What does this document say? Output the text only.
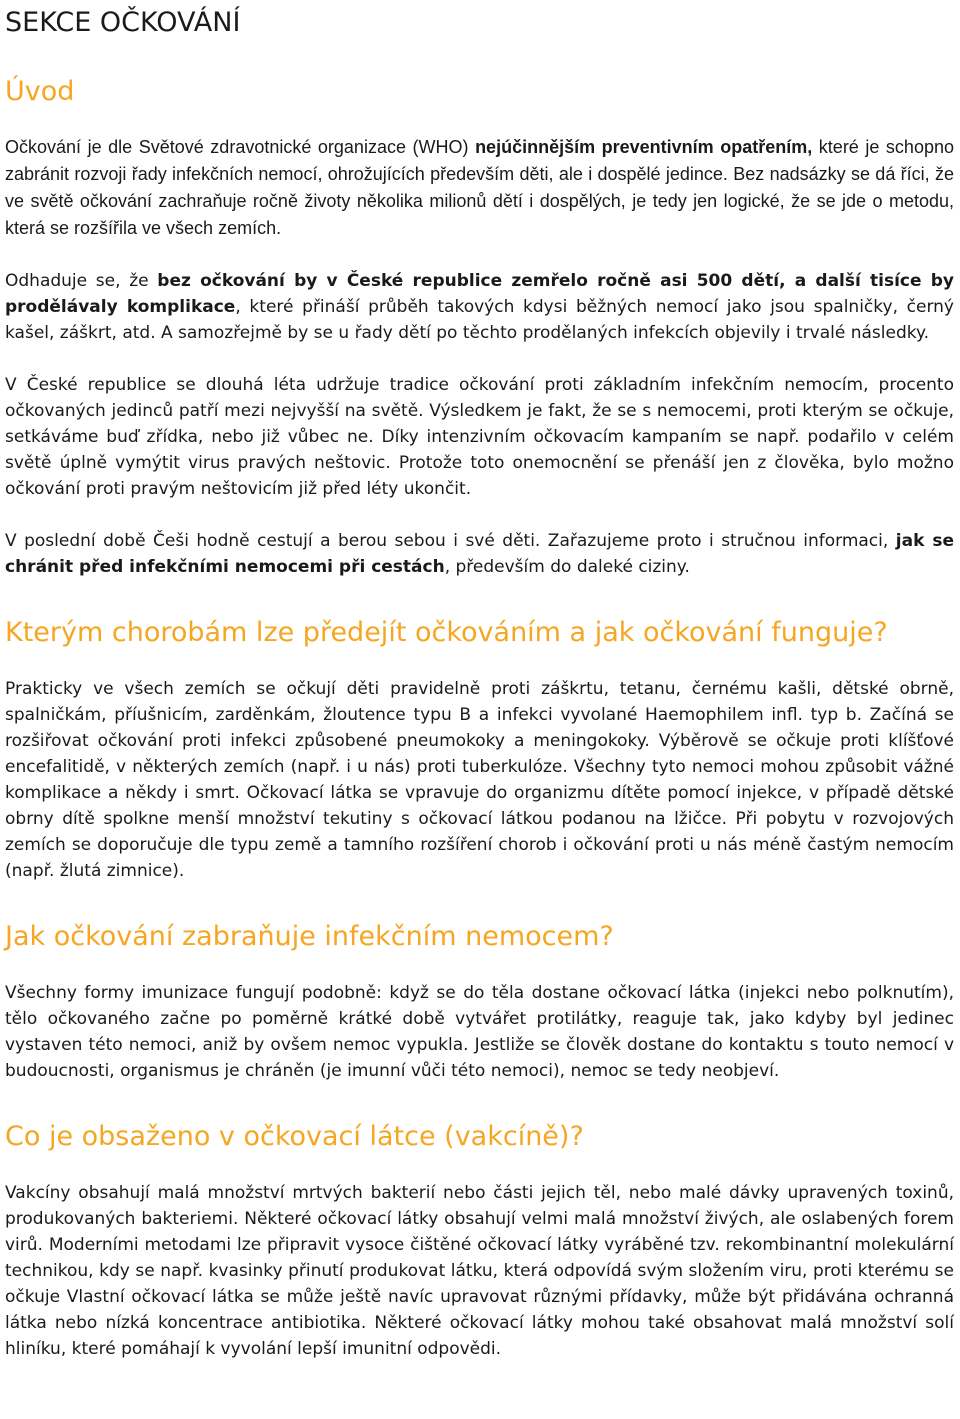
SEKCE OČKOVÁNÍ
Úvod

Očkování je dle Světové zdravotnické organizace (WHO) nejúčinnějším preventivním opatřením, které je schopno zabránit rozvoji řady infekčních nemocí, ohrožujících především děti, ale i dospělé jedince. Bez nadsázky se dá říci, že ve světě očkování zachraňuje ročně životy několika milionů dětí i dospělých, je tedy jen logické, že se jde o metodu, která se rozšířila ve všech zemích.

Odhaduje se, že bez očkování by v České republice zemřelo ročně asi 500 dětí, a další tisíce by prodělávaly komplikace, které přináší průběh takových kdysi běžných nemocí jako jsou spalničky, černý kašel, záškrt, atd. A samozřejmě by se u řady dětí po těchto prodělaných infekcích objevily i trvalé následky.

V České republice se dlouhá léta udržuje tradice očkování proti základním infekčním nemocím, procento očkovaných jedinců patří mezi nejvyšší na světě. Výsledkem je fakt, že se s nemocemi, proti kterým se očkuje, setkáváme buď zřídka, nebo již vůbec ne. Díky intenzivním očkovacím kampaním se např. podařilo v celém světě úplně vymýtit virus pravých neštovic. Protože toto onemocnění se přenáší jen z člověka, bylo možno očkování proti pravým neštovicím již před léty ukončit.

V poslední době Češi hodně cestují a berou sebou i své děti. Zařazujeme proto i stručnou informaci, jak se chránit před infekčními nemocemi při cestách, především do daleké ciziny.

Kterým chorobám lze předejít očkováním a jak očkování funguje?

Prakticky ve všech zemích se očkují děti pravidelně proti záškrtu, tetanu, černému kašli, dětské obrně, spalničkám, příušnicím, zarděnkám, žloutence typu B a infekci vyvolané Haemophilem infl. typ b. Začíná se rozšiřovat očkování proti infekci způsobené pneumokoky a meningokoky. Výběrově se očkuje proti klíšťové encefalitidě, v některých zemích (např. i u nás) proti tuberkulóze. Všechny tyto nemoci mohou způsobit vážné komplikace a někdy i smrt. Očkovací látka se vpravuje do organizmu dítěte pomocí injekce, v případě dětské obrny dítě spolkne menší množství tekutiny s očkovací látkou podanou na lžičce. Při pobytu v rozvojových zemích se doporučuje dle typu země a tamního rozšíření chorob i očkování proti u nás méně častým nemocím (např. žlutá zimnice).

Jak očkování zabraňuje infekčním nemocem?

Všechny formy imunizace fungují podobně: když se do těla dostane očkovací látka (injekci nebo polknutím), tělo očkovaného začne po poměrně krátké době vytvářet protilátky, reaguje tak, jako kdyby byl jedinec vystaven této nemoci, aniž by ovšem nemoc vypukla. Jestliže se člověk dostane do kontaktu s touto nemocí v budoucnosti, organismus je chráněn (je imunní vůči této nemoci), nemoc se tedy neobjeví.

Co je obsaženo v očkovací látce (vakcíně)?

Vakcíny obsahují malá množství mrtvých bakterií nebo části jejich těl, nebo malé dávky upravených toxinů, produkovaných bakteriemi. Některé očkovací látky obsahují velmi malá množství živých, ale oslabených forem virů. Moderními metodami lze připravit vysoce čištěné očkovací látky vyráběné tzv. rekombinantní molekulární technikou, kdy se např. kvasinky přinutí produkovat látku, která odpovídá svým složením viru, proti kterému se očkuje Vlastní očkovací látka se může ještě navíc upravovat různými přídavky, může být přidávána ochranná látka nebo nízká koncentrace antibiotika. Některé očkovací látky mohou také obsahovat malá množství solí hliníku, které pomáhají k vyvolání lepší imunitní odpovědi.
